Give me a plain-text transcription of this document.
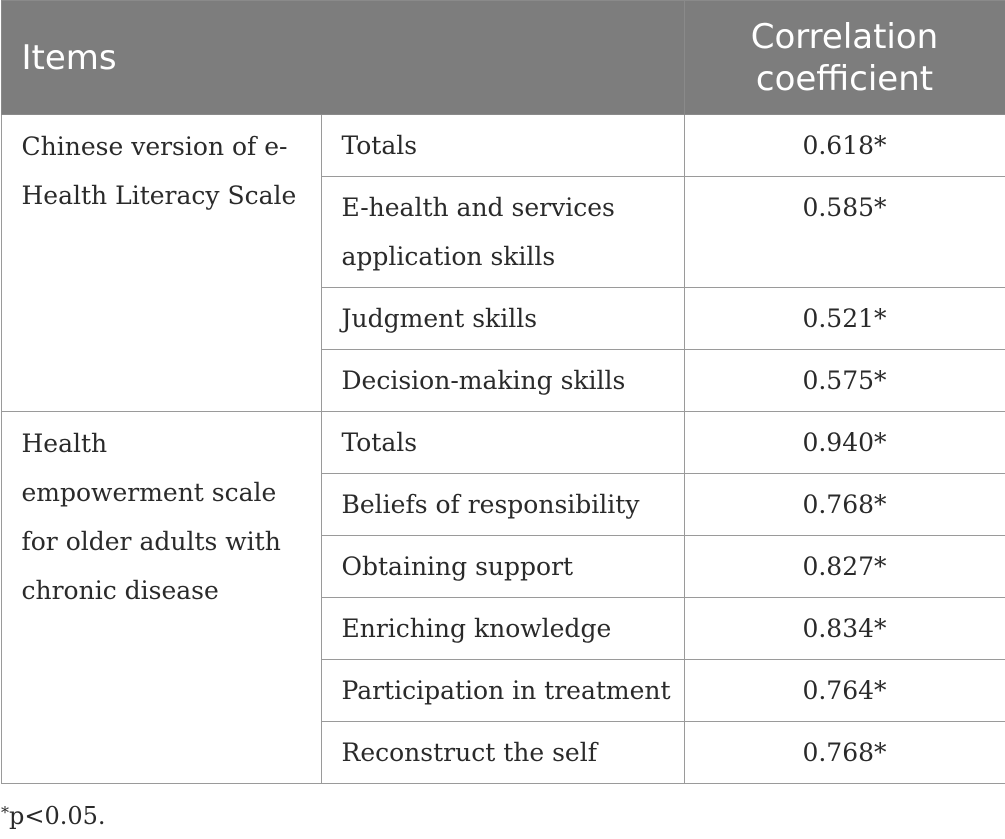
Items		Correlation coefficient

Chinese version of e-Health Literacy Scale	Totals	0.618*

	E-health and services application skills	0.585*
	Judgment skills	0.521*
	Decision-making skills	0.575*

Health empowerment scale for older adults with chronic disease	Totals	0.940*
	Beliefs of responsibility	0.768*
	Obtaining support	0.827*
	Enriching knowledge	0.834*
	Participation in treatment	0.764*
	Reconstruct the self	0.768*
*p<0.05.
